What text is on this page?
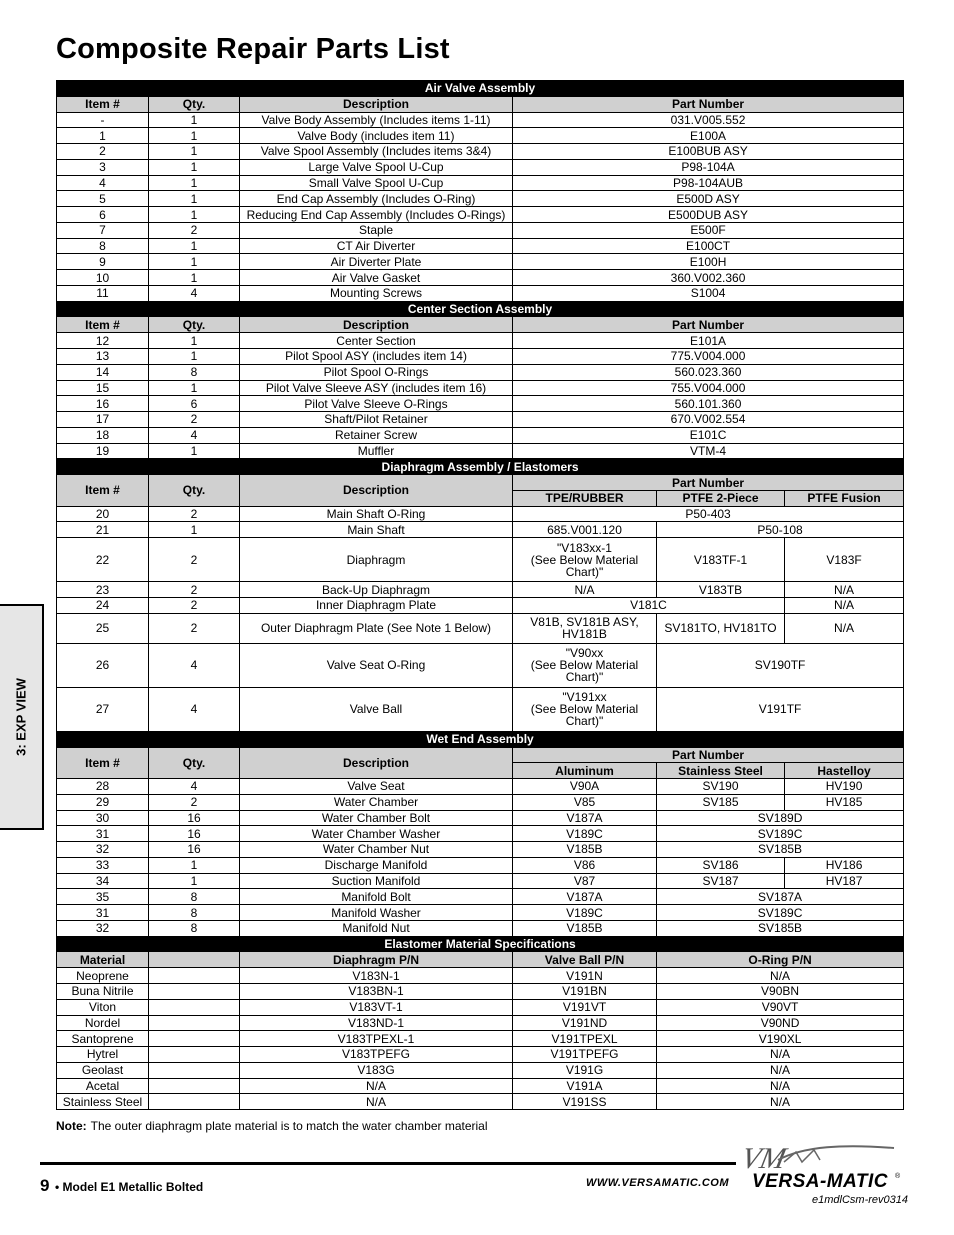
Composite Repair Parts List
Air Valve Assembly					
Item #	Qty.	Description	Part Number		
-	1	Valve Body Assembly (Includes items 1-11)	031.V005.552		
1	1	Valve Body (includes item 11)	E100A		
2	1	Valve Spool Assembly (Includes items 3&4)	E100BUB ASY		
3	1	Large Valve Spool U-Cup	P98-104A		
4	1	Small Valve Spool U-Cup	P98-104AUB		
5	1	End Cap Assembly (Includes O-Ring)	E500D ASY		
6	1	Reducing End Cap Assembly (Includes O-Rings)	E500DUB ASY		
7	2	Staple	E500F		
8	1	CT Air Diverter	E100CT		
9	1	Air Diverter Plate	E100H		
10	1	Air Valve Gasket	360.V002.360		
11	4	Mounting Screws	S1004		
Center Section Assembly					
Item #	Qty.	Description	Part Number		
12	1	Center Section	E101A		
13	1	Pilot Spool ASY (includes item 14)	775.V004.000		
14	8	Pilot Spool O-Rings	560.023.360		
15	1	Pilot Valve Sleeve ASY (includes item 16)	755.V004.000		
16	6	Pilot Valve Sleeve O-Rings	560.101.360		
17	2	Shaft/Pilot Retainer	670.V002.554		
18	4	Retainer Screw	E101C		
19	1	Muffler	VTM-4		
Diaphragm Assembly / Elastomers					
Item #	Qty.	Description	Part Number		
			TPE/RUBBER	PTFE 2-Piece	PTFE Fusion
20	2	Main Shaft O-Ring	P50-403		
21	1	Main Shaft	685.V001.120	P50-108	
22	2	Diaphragm	"V183xx-1
(See Below Material Chart)"	V183TF-1	V183F
23	2	Back-Up Diaphragm	N/A	V183TB	N/A
24	2	Inner Diaphragm Plate	V181C		N/A
25	2	Outer Diaphragm Plate (See Note 1 Below)	V81B, SV181B ASY, HV181B	SV181TO, HV181TO	N/A
26	4	Valve Seat O-Ring	"V90xx
(See Below Material Chart)"	SV190TF	
27	4	Valve Ball	"V191xx
(See Below Material Chart)"	V191TF	
Wet End Assembly					
Item #	Qty.	Description	Part Number		
			Aluminum	Stainless Steel	Hastelloy
28	4	Valve Seat	V90A	SV190	HV190
29	2	Water Chamber	V85	SV185	HV185
30	16	Water Chamber Bolt	V187A	SV189D	
31	16	Water Chamber Washer	V189C	SV189C	
32	16	Water Chamber Nut	V185B	SV185B	
33	1	Discharge Manifold	V86	SV186	HV186
34	1	Suction Manifold	V87	SV187	HV187
35	8	Manifold Bolt	V187A	SV187A	
31	8	Manifold Washer	V189C	SV189C	
32	8	Manifold Nut	V185B	SV185B	
Elastomer Material Specifications					
Material		Diaphragm P/N	Valve Ball P/N	O-Ring P/N	
Neoprene		V183N-1	V191N	N/A	
Buna Nitrile		V183BN-1	V191BN	V90BN	
Viton		V183VT-1	V191VT	V90VT	
Nordel		V183ND-1	V191ND	V90ND	
Santoprene		V183TPEXL-1	V191TPEXL	V190XL	
Hytrel		V183TPEFG	V191TPEFG	N/A	
Geolast		V183G	V191G	N/A	
Acetal		N/A	V191A	N/A	
Stainless Steel		N/A	V191SS	N/A	
3: EXP VIEW
Note: The outer diaphragm plate material is to match the water chamber material
9 • Model E1 Metallic Bolted	WWW.VERSAMATIC.COM
VM
VERSA-MATIC ®
e1mdlCsm-rev0314
